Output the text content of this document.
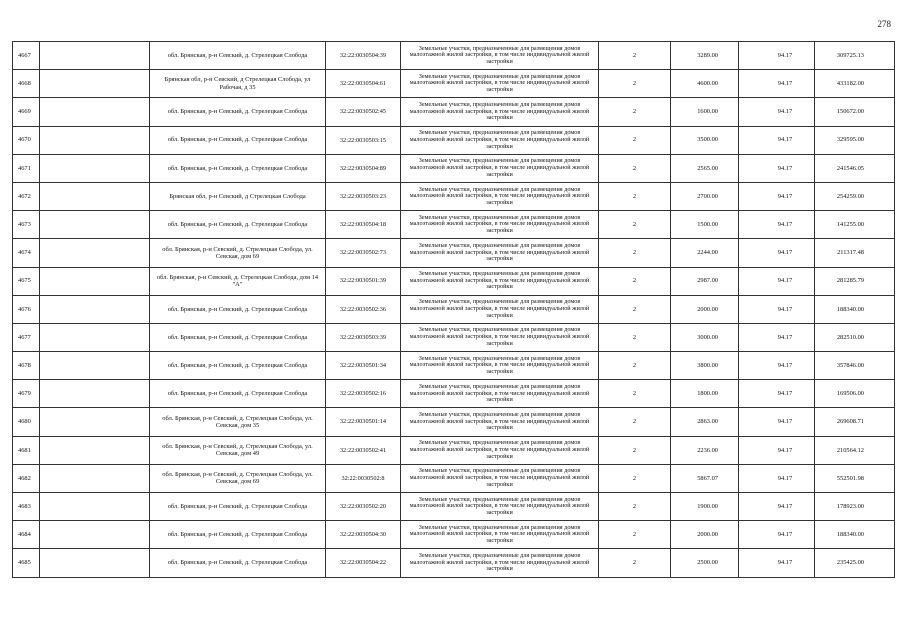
278
4667		обл. Брянская, р-н Севский, д. Стрелецкая Слобода	32:22:0030504:39	Земельные участки, предназначенные для размещения домов малоэтажной жилой застройки, в том числе индивидуальной жилой застройки	2	3289.00	94.17	309725.13
4668		Брянская обл, р-н Севский, д Стрелецкая Слобода, ул Рабочая, д 35	32:22:0030504:61	Земельные участки, предназначенные для размещения домов малоэтажной жилой застройки, в том числе индивидуальной жилой застройки	2	4600.00	94.17	433182.00
4669		обл. Брянская, р-н Севский, д. Стрелецкая Слобода	32:22:0030502:45	Земельные участки, предназначенные для размещения домов малоэтажной жилой застройки, в том числе индивидуальной жилой застройки	2	1600.00	94.17	150672.00
4670		обл. Брянская, р-н Севский, д. Стрелецкая Слобода	32:22:0030503:15	Земельные участки, предназначенные для размещения домов малоэтажной жилой застройки, в том числе индивидуальной жилой застройки	2	3500.00	94.17	329595.00
4671		обл. Брянская, р-н Севский, д. Стрелецкая Слобода	32:22:0030504:89	Земельные участки, предназначенные для размещения домов малоэтажной жилой застройки, в том числе индивидуальной жилой застройки	2	2565.00	94.17	241546.05
4672		Брянская обл, р-н Севский, д Стрелецкая Слобода	32:22:0030503:23	Земельные участки, предназначенные для размещения домов малоэтажной жилой застройки, в том числе индивидуальной жилой застройки	2	2700.00	94.17	254259.00
4673		обл. Брянская, р-н Севский, д. Стрелецкая Слобода	32:22:0030504:18	Земельные участки, предназначенные для размещения домов малоэтажной жилой застройки, в том числе индивидуальной жилой застройки	2	1500.00	94.17	141255.00
4674		обл. Брянская, р-н Севский, д. Стрелецкая Слобода, ул. Севская, дом 69	32:22:0030502:73	Земельные участки, предназначенные для размещения домов малоэтажной жилой застройки, в том числе индивидуальной жилой застройки	2	2244.00	94.17	211317.48
4675		обл. Брянская, р-н Севский, д. Стрелецкая Слобода, дом 14 "А"	32:22:0030501:39	Земельные участки, предназначенные для размещения домов малоэтажной жилой застройки, в том числе индивидуальной жилой застройки	2	2987.00	94.17	281285.79
4676		обл. Брянская, р-н Севский, д. Стрелецкая Слобода	32:22:0030502:36	Земельные участки, предназначенные для размещения домов малоэтажной жилой застройки, в том числе индивидуальной жилой застройки	2	2000.00	94.17	188340.00
4677		обл. Брянская, р-н Севский, д. Стрелецкая Слобода	32:22:0030503:39	Земельные участки, предназначенные для размещения домов малоэтажной жилой застройки, в том числе индивидуальной жилой застройки	2	3000.00	94.17	282510.00
4678		обл. Брянская, р-н Севский, д. Стрелецкая Слобода	32:22:0030501:34	Земельные участки, предназначенные для размещения домов малоэтажной жилой застройки, в том числе индивидуальной жилой застройки	2	3800.00	94.17	357846.00
4679		обл. Брянская, р-н Севский, д. Стрелецкая Слобода	32:22:0030502:16	Земельные участки, предназначенные для размещения домов малоэтажной жилой застройки, в том числе индивидуальной жилой застройки	2	1800.00	94.17	169506.00
4680		обл. Брянская, р-н Севский, д. Стрелецкая Слобода, ул. Севская, дом 35	32:22:0030501:14	Земельные участки, предназначенные для размещения домов малоэтажной жилой застройки, в том числе индивидуальной жилой застройки	2	2863.00	94.17	269608.71
4681		обл. Брянская, р-н Севский, д. Стрелецкая Слобода, ул. Севская, дом 49	32:22:0030502:41	Земельные участки, предназначенные для размещения домов малоэтажной жилой застройки, в том числе индивидуальной жилой застройки	2	2236.00	94.17	210564.12
4682		обл. Брянская, р-н Севский, д. Стрелецкая Слобода, ул. Севская, дом 69	32:22:0030502:8	Земельные участки, предназначенные для размещения домов малоэтажной жилой застройки, в том числе индивидуальной жилой застройки	2	5867.07	94.17	552501.98
4683		обл. Брянская, р-н Севский, д. Стрелецкая Слобода	32:22:0030502:20	Земельные участки, предназначенные для размещения домов малоэтажной жилой застройки, в том числе индивидуальной жилой застройки	2	1900.00	94.17	178923.00
4684		обл. Брянская, р-н Севский, д. Стрелецкая Слобода	32:22:0030504:30	Земельные участки, предназначенные для размещения домов малоэтажной жилой застройки, в том числе индивидуальной жилой застройки	2	2000.00	94.17	188340.00
4685		обл. Брянская, р-н Севский, д. Стрелецкая Слобода	32:22:0030504:22	Земельные участки, предназначенные для размещения домов малоэтажной жилой застройки, в том числе индивидуальной жилой застройки	2	2500.00	94.17	235425.00
